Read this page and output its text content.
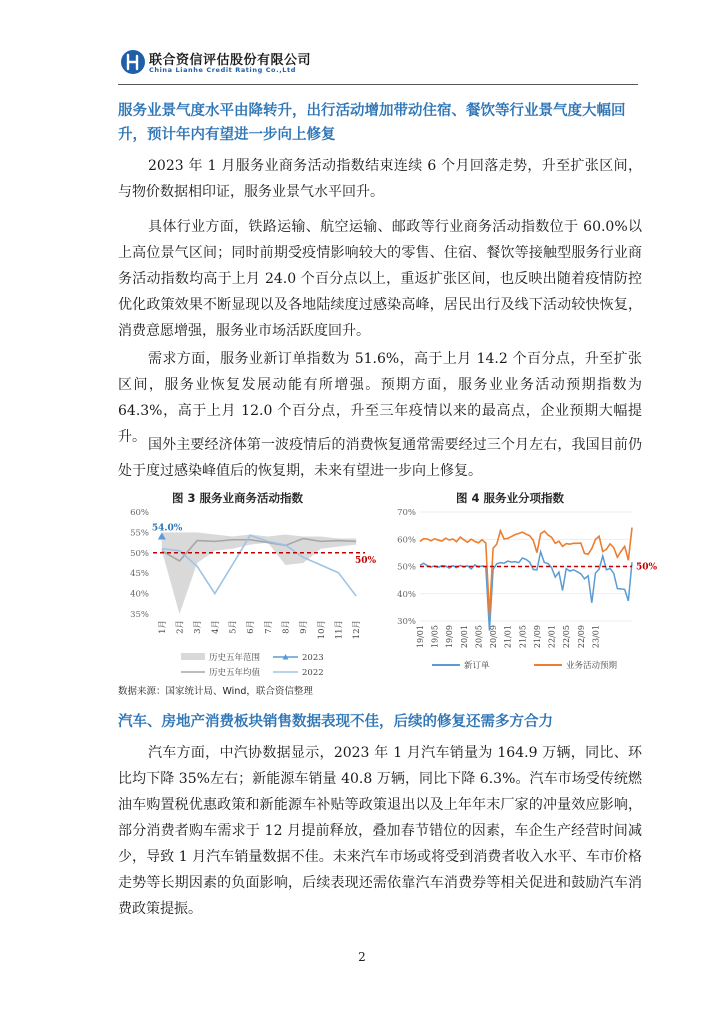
联合资信评估股份有限公司
China Lianhe Credit Rating Co.,Ltd
服务业景气度水平由降转升，出行活动增加带动住宿、餐饮等行业景气度大幅回升，预计年内有望进一步向上修复
2023 年 1 月服务业商务活动指数结束连续 6 个月回落走势，升至扩张区间，与物价数据相印证，服务业景气水平回升。
具体行业方面，铁路运输、航空运输、邮政等行业商务活动指数位于 60.0%以上高位景气区间；同时前期受疫情影响较大的零售、住宿、餐饮等接触型服务行业商务活动指数均高于上月 24.0 个百分点以上，重返扩张区间，也反映出随着疫情防控优化政策效果不断显现以及各地陆续度过感染高峰，居民出行及线下活动较快恢复，消费意愿增强，服务业市场活跃度回升。
需求方面，服务业新订单指数为 51.6%，高于上月 14.2 个百分点，升至扩张区间，服务业恢复发展动能有所增强。预期方面，服务业业务活动预期指数为 64.3%，高于上月 12.0 个百分点，升至三年疫情以来的最高点，企业预期大幅提升。 国外主要经济体第一波疫情后的消费恢复通常需要经过三个月左右，我国目前仍处于度过感染峰值后的恢复期，未来有望进一步向上修复。
图 3 服务业商务活动指数	图 4 服务业分项指数
35%
40%
45%
50%
55%
60%
50%
54.0%
1月 2月 3月 4月 5月 6月 7月 8月 9月 10月 11月 12月
历史五年范围	2023
历史五年均值	2022
30%
40%
50%
60%
70%
50%
19/01 19/05 19/09 20/01 20/05 20/09 21/01 21/05 21/09 22/01 22/05 22/09 23/01
新订单	业务活动预期
数据来源：国家统计局、Wind，联合资信整理
汽车、房地产消费板块销售数据表现不佳，后续的修复还需多方合力
汽车方面，中汽协数据显示，2023 年 1 月汽车销量为 164.9 万辆，同比、环比均下降 35%左右；新能源车销量 40.8 万辆，同比下降 6.3%。汽车市场受传统燃油车购置税优惠政策和新能源车补贴等政策退出以及上年年末厂家的冲量效应影响，部分消费者购车需求于 12 月提前释放，叠加春节错位的因素，车企生产经营时间减少，导致 1 月汽车销量数据不佳。未来汽车市场或将受到消费者收入水平、车市价格走势等长期因素的负面影响，后续表现还需依靠汽车消费券等相关促进和鼓励汽车消费政策提振。
2
